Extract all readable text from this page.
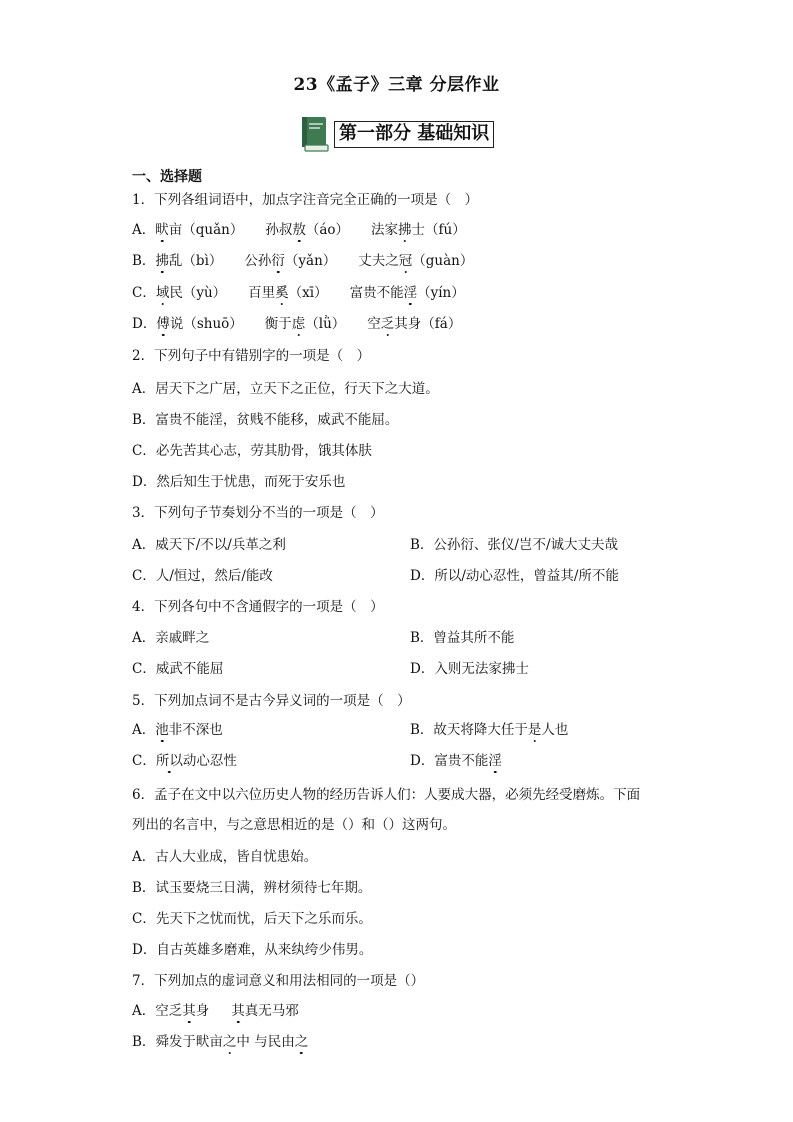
23《孟子》三章 分层作业
第一部分 基础知识
一、选择题
1．下列各组词语中，加点字注音完全正确的一项是（　）
A．畎亩（quǎn） 孙叔敖（áo） 法家拂士（fú）
B．拂乱（bì） 公孙衍（yǎn） 丈夫之冠（guàn）
C．域民（yù） 百里奚（xī） 富贵不能淫（yín）
D．傅说（shuō） 衡于虑（lǜ） 空乏其身（fá）
2．下列句子中有错别字的一项是（　）
A．居天下之广居，立天下之正位，行天下之大道。
B．富贵不能淫，贫贱不能移，威武不能屈。
C．必先苦其心志，劳其肋骨，饿其体肤
D．然后知生于忧患，而死于安乐也
3．下列句子节奏划分不当的一项是（　）
A．威天下/不以/兵革之利	B．公孙衍、张仪/岂不/诚大丈夫哉
C．人/恒过，然后/能改	D．所以/动心忍性，曾益其/所不能
4．下列各句中不含通假字的一项是（　）
A．亲戚畔之	B．曾益其所不能
C．威武不能屈	D．入则无法家拂士
5．下列加点词不是古今异义词的一项是（　）
A．池非不深也	B．故天将降大任于是人也
C．所以动心忍性	D．富贵不能淫
6．孟子在文中以六位历史人物的经历告诉人们：人要成大器，必须先经受磨炼。下面
列出的名言中，与之意思相近的是（）和（）这两句。
A．古人大业成，皆自忧患始。
B．试玉要烧三日满，辨材须待七年期。
C．先天下之忧而忧，后天下之乐而乐。
D．自古英雄多磨难，从来纨绔少伟男。
7．下列加点的虚词意义和用法相同的一项是（）
A．空乏其身 其真无马邪
B．舜发于畎亩之中 与民由之
